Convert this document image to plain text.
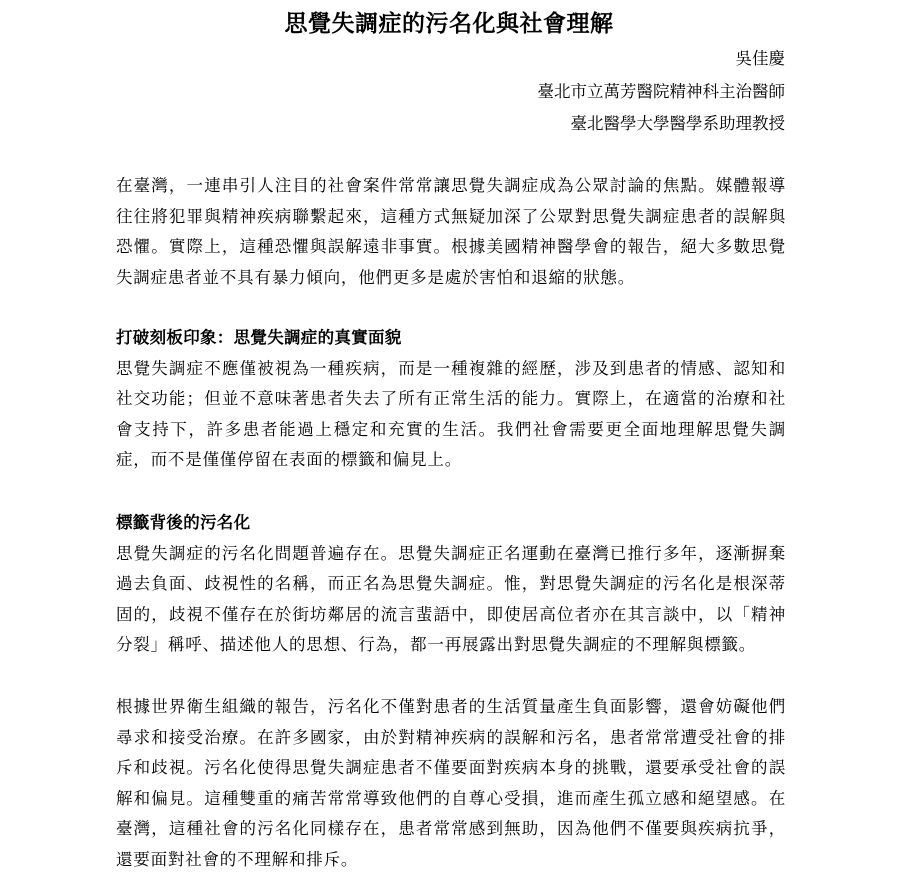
思覺失調症的污名化與社會理解
吳佳慶
臺北市立萬芳醫院精神科主治醫師
臺北醫學大學醫學系助理教授

在臺灣，一連串引人注目的社會案件常常讓思覺失調症成為公眾討論的焦點。媒體報導往往將犯罪與精神疾病聯繫起來，這種方式無疑加深了公眾對思覺失調症患者的誤解與恐懼。實際上，這種恐懼與誤解遠非事實。根據美國精神醫學會的報告，絕大多數思覺失調症患者並不具有暴力傾向，他們更多是處於害怕和退縮的狀態。

打破刻板印象：思覺失調症的真實面貌

思覺失調症不應僅被視為一種疾病，而是一種複雜的經歷，涉及到患者的情感、認知和社交功能；但並不意味著患者失去了所有正常生活的能力。實際上，在適當的治療和社會支持下，許多患者能過上穩定和充實的生活。我們社會需要更全面地理解思覺失調症，而不是僅僅停留在表面的標籤和偏見上。

標籤背後的污名化

思覺失調症的污名化問題普遍存在。思覺失調症正名運動在臺灣已推行多年，逐漸摒棄過去負面、歧視性的名稱，而正名為思覺失調症。惟，對思覺失調症的污名化是根深蒂固的，歧視不僅存在於街坊鄰居的流言蜚語中，即使居高位者亦在其言談中，以「精神分裂」稱呼、描述他人的思想、行為，都一再展露出對思覺失調症的不理解與標籤。

根據世界衛生組織的報告，污名化不僅對患者的生活質量產生負面影響，還會妨礙他們尋求和接受治療。在許多國家，由於對精神疾病的誤解和污名，患者常常遭受社會的排斥和歧視。污名化使得思覺失調症患者不僅要面對疾病本身的挑戰，還要承受社會的誤解和偏見。這種雙重的痛苦常常導致他們的自尊心受損，進而產生孤立感和絕望感。在臺灣，這種社會的污名化同樣存在，患者常常感到無助，因為他們不僅要與疾病抗爭，還要面對社會的不理解和排斥。
